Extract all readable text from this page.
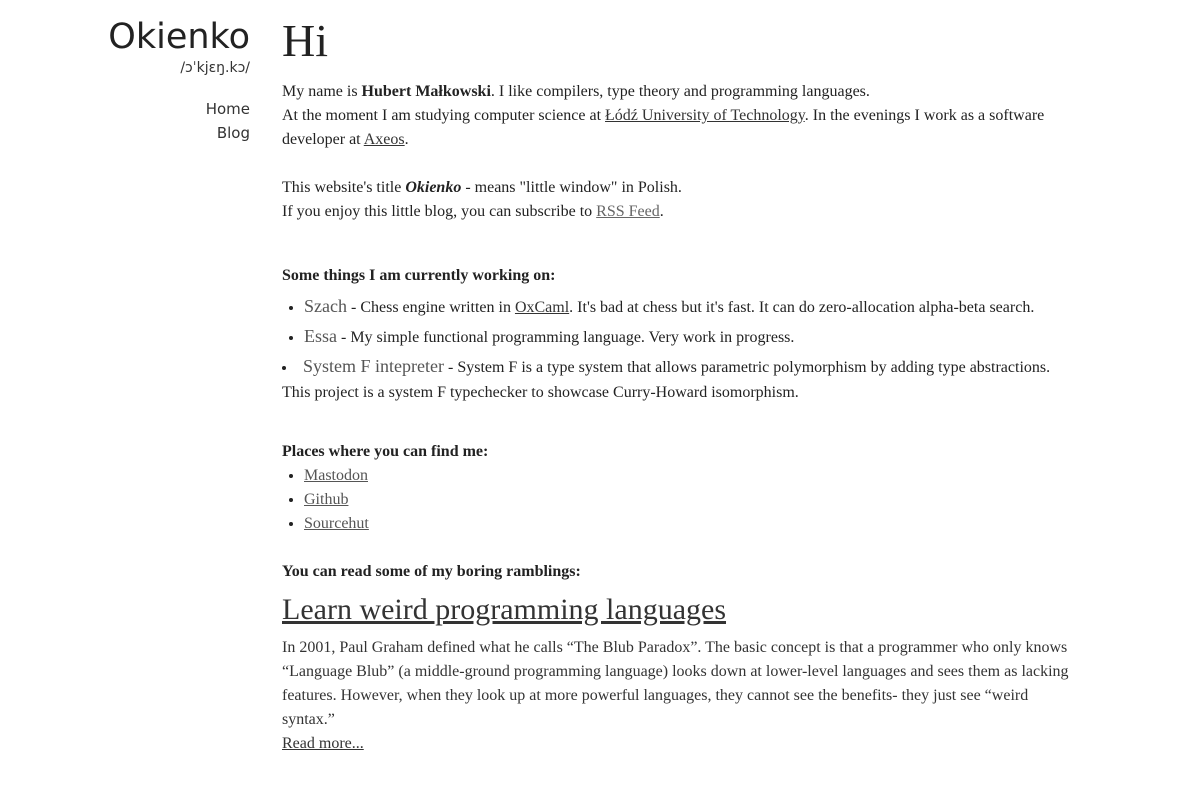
Okienko
/ɔˈkjɛŋ.kɔ/
Home
Blog
Hi
My name is Hubert Małkowski. I like compilers, type theory and programming languages.
At the moment I am studying computer science at Łódź University of Technology. In the evenings I work as a software developer at Axeos.
This website's title Okienko - means "little window" in Polish.
If you enjoy this little blog, you can subscribe to RSS Feed.
Some things I am currently working on:
• Szach - Chess engine written in OxCaml. It's bad at chess but it's fast. It can do zero-allocation alpha-beta search.
• Essa - My simple functional programming language. Very work in progress.
• System F intepreter - System F is a type system that allows parametric polymorphism by adding type abstractions. This project is a system F typechecker to showcase Curry-Howard isomorphism.
Places where you can find me:
• Mastodon
• Github
• Sourcehut
You can read some of my boring ramblings:
Learn weird programming languages
In 2001, Paul Graham defined what he calls “The Blub Paradox”. The basic concept is that a programmer who only knows “Language Blub” (a middle-ground programming language) looks down at lower-level languages and sees them as lacking features. However, when they look up at more powerful languages, they cannot see the benefits- they just see “weird syntax.”
Read more...
